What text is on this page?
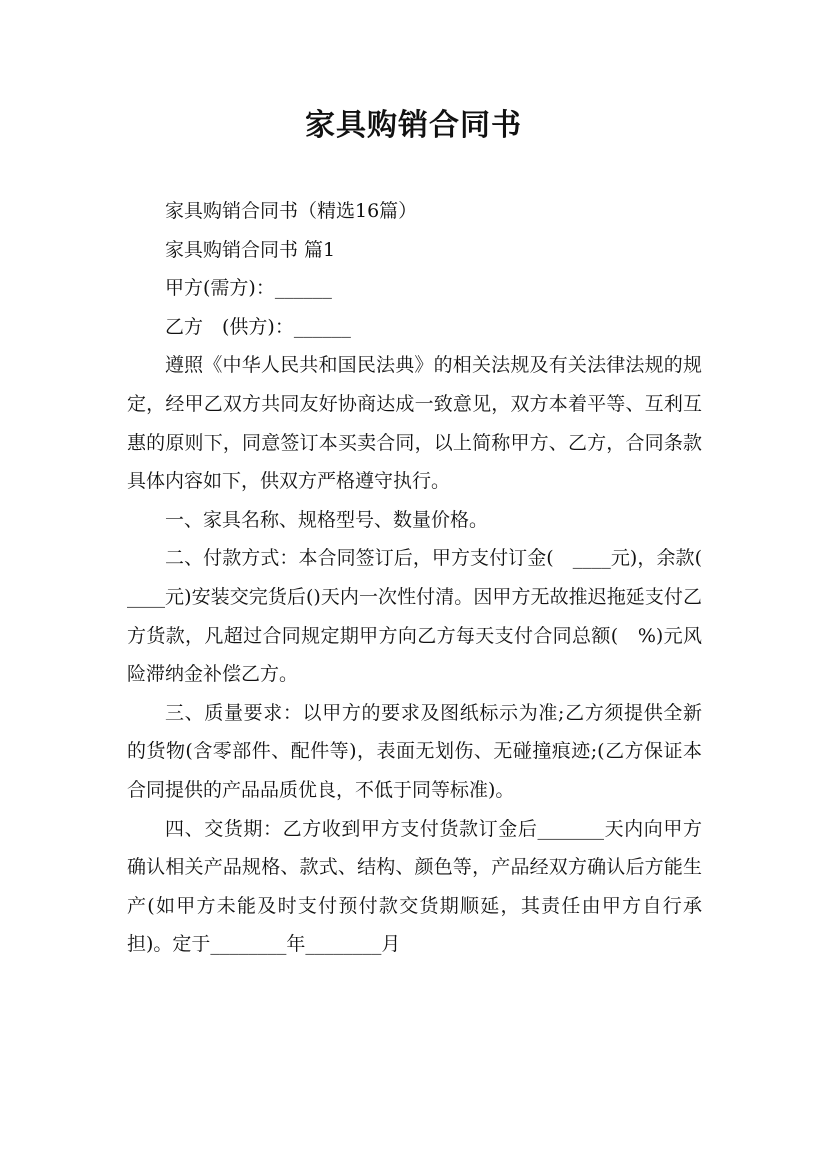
家具购销合同书

家具购销合同书（精选16篇）

家具购销合同书 篇1

甲方(需方)：______

乙方　(供方)：______

遵照《中华人民共和国民法典》的相关法规及有关法律法规的规定，经甲乙双方共同友好协商达成一致意见，双方本着平等、互利互惠的原则下，同意签订本买卖合同，以上简称甲方、乙方，合同条款具体内容如下，供双方严格遵守执行。

一、家具名称、规格型号、数量价格。

二、付款方式：本合同签订后，甲方支付订金(　____元)，余款(　____元)安装交完货后()天内一次性付清。因甲方无故推迟拖延支付乙方货款，凡超过合同规定期甲方向乙方每天支付合同总额(　%)元风险滞纳金补偿乙方。

三、质量要求：以甲方的要求及图纸标示为准;乙方须提供全新的货物(含零部件、配件等)，表面无划伤、无碰撞痕迹;(乙方保证本合同提供的产品品质优良，不低于同等标准)。

四、交货期：乙方收到甲方支付货款订金后_______天内向甲方确认相关产品规格、款式、结构、颜色等，产品经双方确认后方能生产(如甲方未能及时支付预付款交货期顺延，其责任由甲方自行承担)。定于________年________月
